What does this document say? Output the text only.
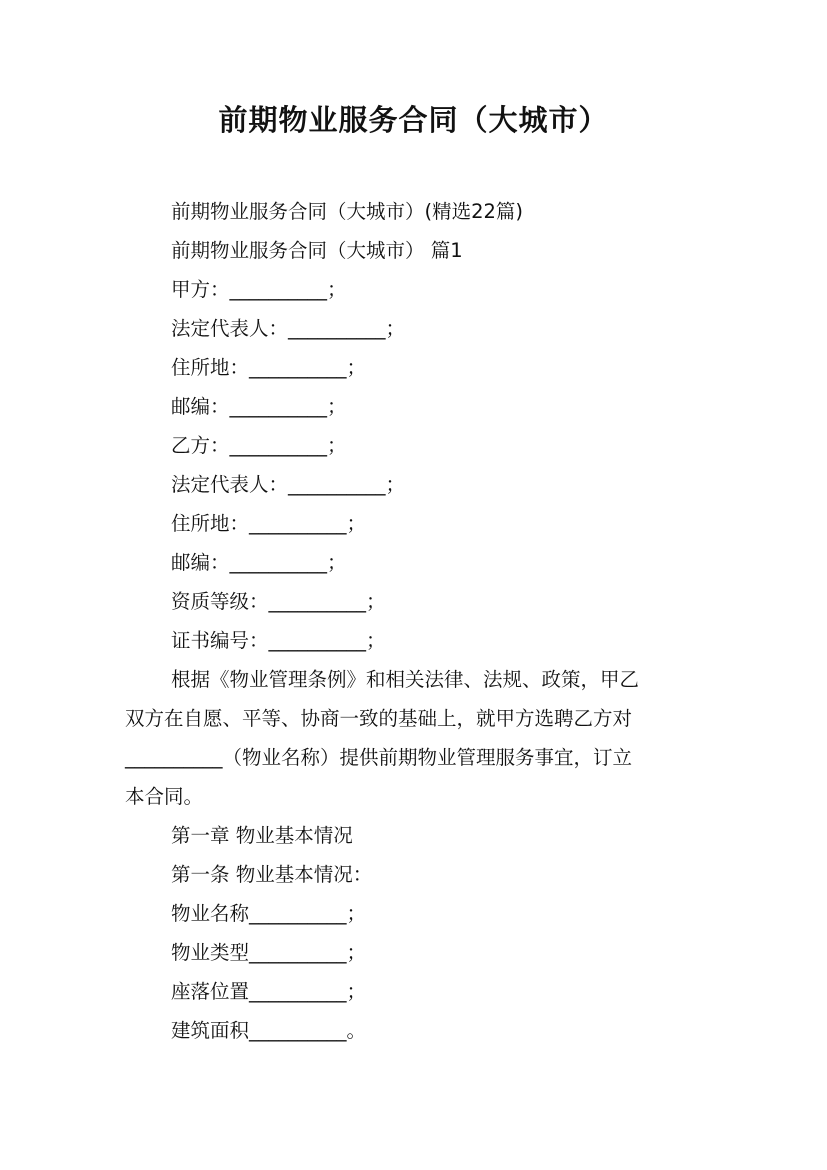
前期物业服务合同（大城市）
前期物业服务合同（大城市）(精选22篇)
前期物业服务合同（大城市） 篇1
甲方：__________；
法定代表人：__________；
住所地：__________；
邮编：__________；
乙方：__________；
法定代表人：__________；
住所地：__________；
邮编：__________；
资质等级：__________；
证书编号：__________；
根据《物业管理条例》和相关法律、法规、政策，甲乙
双方在自愿、平等、协商一致的基础上，就甲方选聘乙方对
__________（物业名称）提供前期物业管理服务事宜，订立
本合同。
第一章 物业基本情况
第一条 物业基本情况：
物业名称__________；
物业类型__________；
座落位置__________；
建筑面积__________。
